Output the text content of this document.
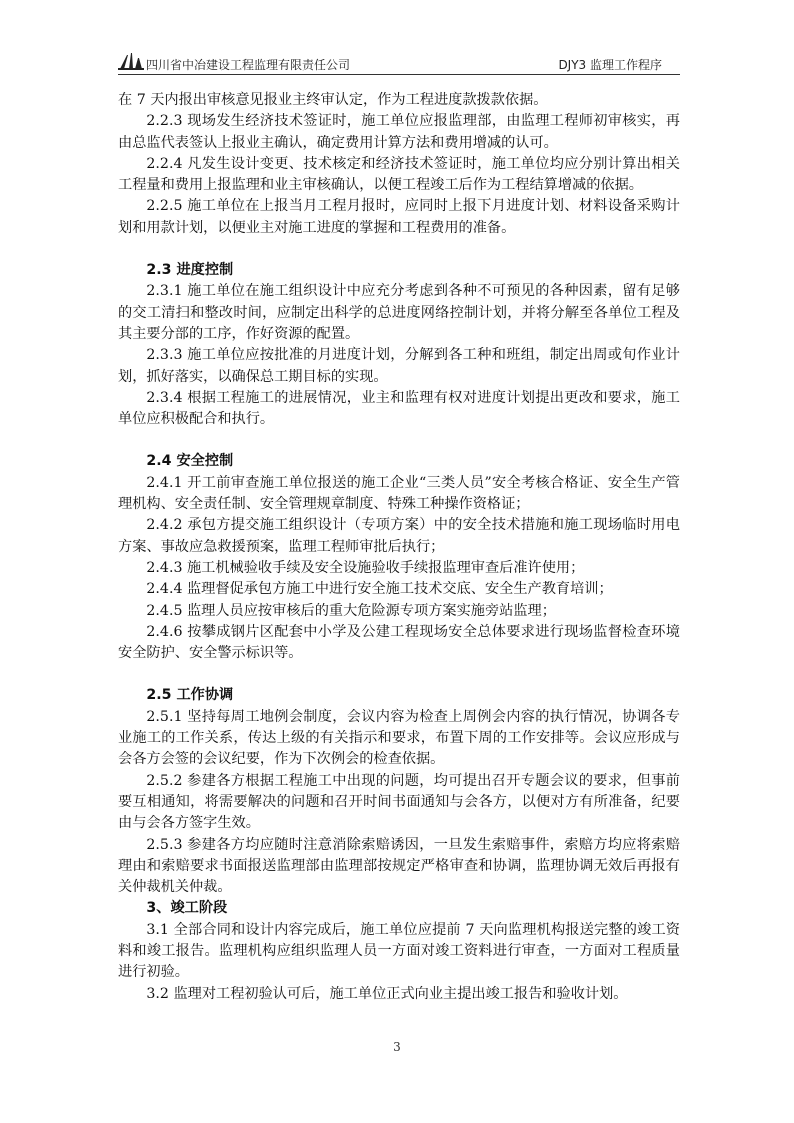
四川省中冶建设工程监理有限责任公司	DJY3 监理工作程序

在 7 天内报出审核意见报业主终审认定，作为工程进度款拨款依据。

2.2.3 现场发生经济技术签证时，施工单位应报监理部，由监理工程师初审核实，再由总监代表签认上报业主确认，确定费用计算方法和费用增减的认可。

2.2.4 凡发生设计变更、技术核定和经济技术签证时，施工单位均应分别计算出相关工程量和费用上报监理和业主审核确认，以便工程竣工后作为工程结算增减的依据。

2.2.5 施工单位在上报当月工程月报时，应同时上报下月进度计划、材料设备采购计划和用款计划，以便业主对施工进度的掌握和工程费用的准备。

2.3 进度控制

2.3.1 施工单位在施工组织设计中应充分考虑到各种不可预见的各种因素，留有足够的交工清扫和整改时间，应制定出科学的总进度网络控制计划，并将分解至各单位工程及其主要分部的工序，作好资源的配置。

2.3.3 施工单位应按批准的月进度计划，分解到各工种和班组，制定出周或旬作业计划，抓好落实，以确保总工期目标的实现。

2.3.4 根据工程施工的进展情况，业主和监理有权对进度计划提出更改和要求，施工单位应积极配合和执行。

2.4 安全控制

2.4.1 开工前审查施工单位报送的施工企业“三类人员”安全考核合格证、安全生产管理机构、安全责任制、安全管理规章制度、特殊工种操作资格证；

2.4.2 承包方提交施工组织设计（专项方案）中的安全技术措施和施工现场临时用电方案、事故应急救援预案，监理工程师审批后执行；

2.4.3 施工机械验收手续及安全设施验收手续报监理审查后准许使用；

2.4.4 监理督促承包方施工中进行安全施工技术交底、安全生产教育培训；

2.4.5 监理人员应按审核后的重大危险源专项方案实施旁站监理；

2.4.6 按攀成钢片区配套中小学及公建工程现场安全总体要求进行现场监督检查环境安全防护、安全警示标识等。

2.5 工作协调

2.5.1 坚持每周工地例会制度，会议内容为检查上周例会内容的执行情况，协调各专业施工的工作关系，传达上级的有关指示和要求，布置下周的工作安排等。会议应形成与会各方会签的会议纪要，作为下次例会的检查依据。

2.5.2 参建各方根据工程施工中出现的问题，均可提出召开专题会议的要求，但事前要互相通知，将需要解决的问题和召开时间书面通知与会各方，以便对方有所准备，纪要由与会各方签字生效。

2.5.3 参建各方均应随时注意消除索赔诱因，一旦发生索赔事件，索赔方均应将索赔理由和索赔要求书面报送监理部由监理部按规定严格审查和协调，监理协调无效后再报有关仲裁机关仲裁。

3、竣工阶段

3.1 全部合同和设计内容完成后，施工单位应提前 7 天向监理机构报送完整的竣工资料和竣工报告。监理机构应组织监理人员一方面对竣工资料进行审查，一方面对工程质量进行初验。

3.2 监理对工程初验认可后，施工单位正式向业主提出竣工报告和验收计划。

3
